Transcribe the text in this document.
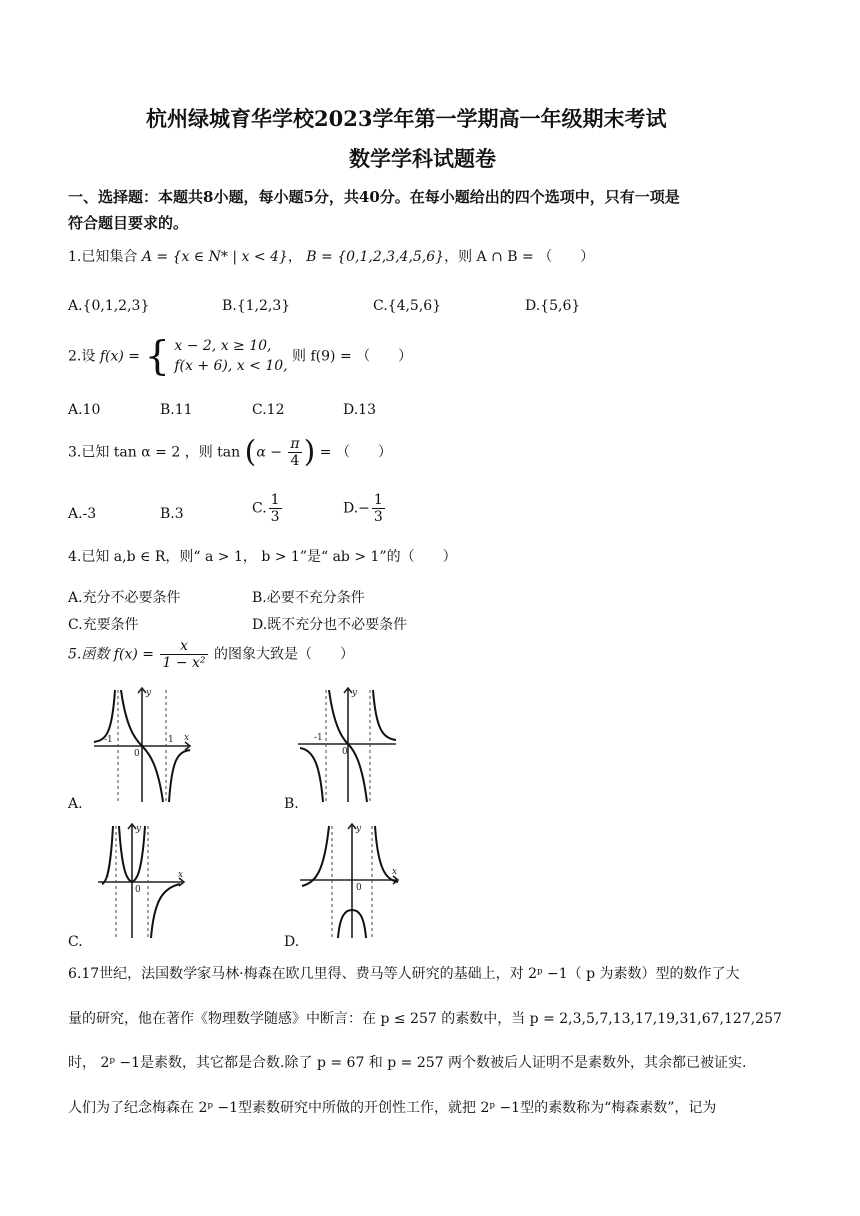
杭州绿城育华学校2023学年第一学期高一年级期末考试
数学学科试题卷
一、选择题：本题共8小题，每小题5分，共40分。在每小题给出的四个选项中，只有一项是
符合题目要求的。
1.已知集合 A = {x ∈ N* | x < 4}， B = {0,1,2,3,4,5,6}，则 A ∩ B = （　　）
A.{0,1,2,3}	B.{1,2,3}	C.{4,5,6}	D.{5,6}
2.设 f(x) = { x − 2, x ≥ 10,
f(x + 6), x < 10,
则 f(9) = （　　）
A.10	B.11	C.12	D.13
3.已知 tan α = 2 ，则 $\tan (\alpha - \frac{\pi}{4}$ ) = （　　）
A.-3	B.3	C. $\frac{1}{3}$	$D.- \frac{1}{3}$
4.已知 a,b ∈ R，则“ a > 1， b > 1”是“ ab > 1”的（　　）
A.充分不必要条件	B.必要不充分条件
C.充要条件	D.既不充分也不必要条件
5.函数 $f(x) = \frac{x}{\text{1 − x²}}$ 的图象大致是（　　）
-1
0
1
y
x
A.
-1
0
y
B.
-
0
y
x
C.
0
y
x
D.
6.17世纪，法国数学家马林·梅森在欧几里得、费马等人研究的基础上，对 2ᵖ −1（ p 为素数）型的数作了大
量的研究，他在著作《物理数学随感》中断言：在 p ≤ 257 的素数中，当 p = 2,3,5,7,13,17,19,31,67,127,257
时， 2ᵖ −1是素数，其它都是合数.除了 p = 67 和 p = 257 两个数被后人证明不是素数外，其余都已被证实.
人们为了纪念梅森在 2ᵖ −1型素数研究中所做的开创性工作，就把 2ᵖ −1型的素数称为“梅森素数”，记为
